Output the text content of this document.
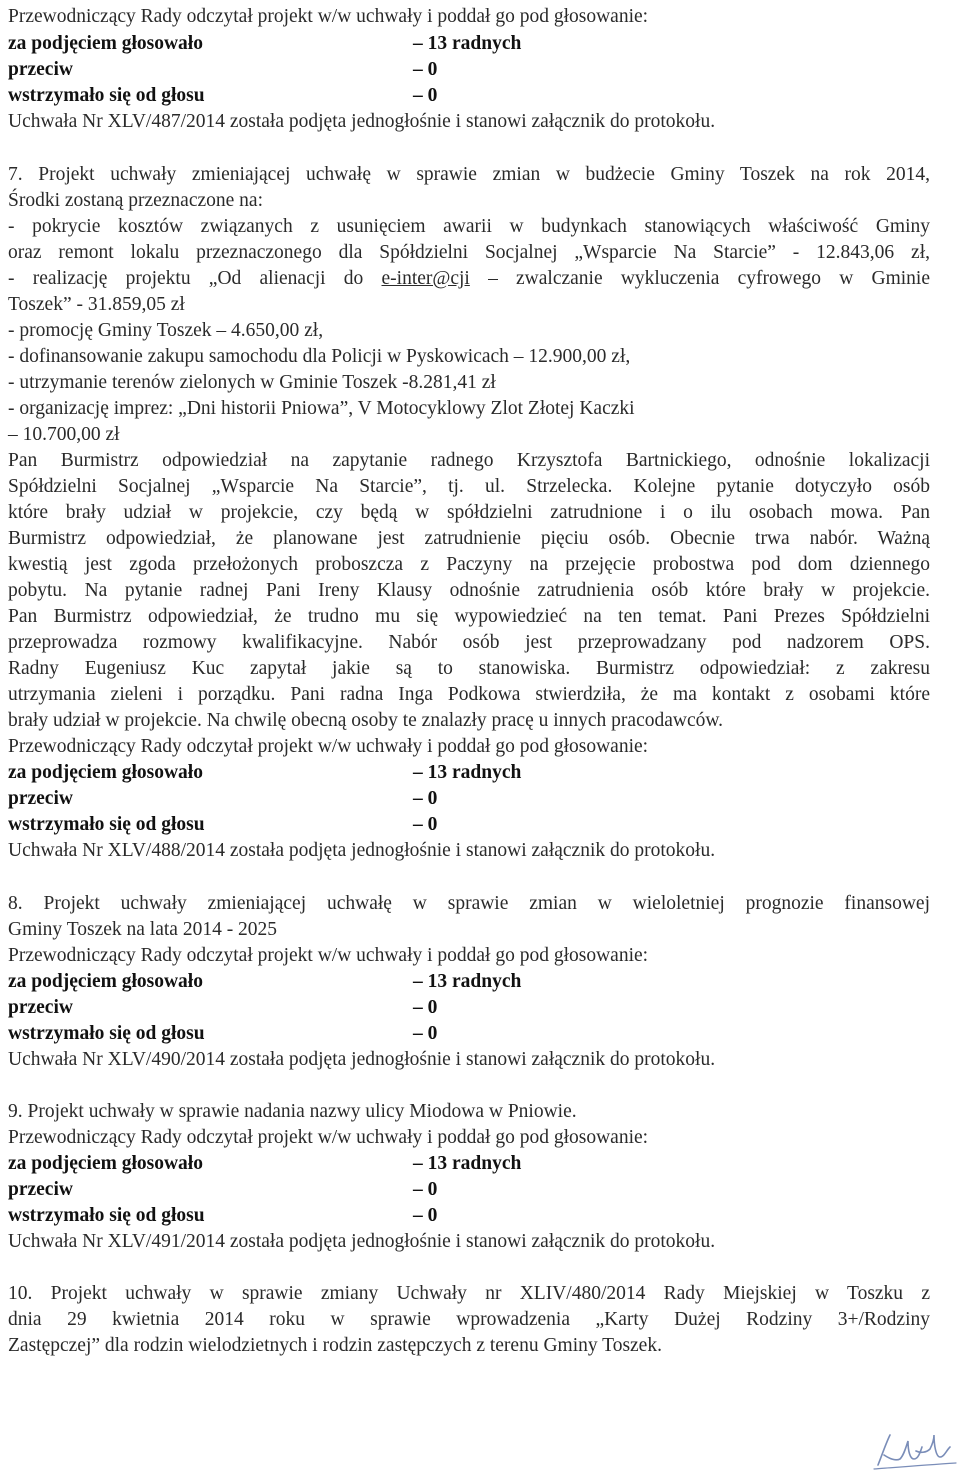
Przewodniczący Rady odczytał projekt w/w uchwały i poddał go pod głosowanie:
za podjęciem głosowało	– 13 radnych
przeciw	– 0
wstrzymało się od głosu	– 0
Uchwała Nr XLV/487/2014 została podjęta jednogłośnie i stanowi załącznik do protokołu.
7. Projekt uchwały zmieniającej uchwałę w sprawie zmian w budżecie Gminy Toszek na rok 2014,
Środki zostaną przeznaczone na:
- pokrycie kosztów związanych z usunięciem awarii w budynkach stanowiących właściwość Gminy
oraz remont lokalu przeznaczonego dla Spółdzielni Socjalnej „Wsparcie Na Starcie” - 12.843,06 zł,
- realizację projektu „Od alienacji do e-inter@cji – zwalczanie wykluczenia cyfrowego w Gminie
Toszek” - 31.859,05 zł
- promocję Gminy Toszek – 4.650,00 zł,
- dofinansowanie zakupu samochodu dla Policji w Pyskowicach – 12.900,00 zł,
- utrzymanie terenów zielonych w Gminie Toszek -8.281,41 zł
- organizację imprez: „Dni historii Pniowa”, V Motocyklowy Zlot Złotej Kaczki
– 10.700,00 zł
Pan Burmistrz odpowiedział na zapytanie radnego Krzysztofa Bartnickiego, odnośnie lokalizacji
Spółdzielni Socjalnej „Wsparcie Na Starcie”, tj. ul. Strzelecka. Kolejne pytanie dotyczyło osób
które brały udział w projekcie, czy będą w spółdzielni zatrudnione i o ilu osobach mowa. Pan
Burmistrz odpowiedział, że planowane jest zatrudnienie pięciu osób. Obecnie trwa nabór. Ważną
kwestią jest zgoda przełożonych proboszcza z Paczyny na przejęcie probostwa pod dom dziennego
pobytu. Na pytanie radnej Pani Ireny Klausy odnośnie zatrudnienia osób które brały w projekcie.
Pan Burmistrz odpowiedział, że trudno mu się wypowiedzieć na ten temat. Pani Prezes Spółdzielni
przeprowadza rozmowy kwalifikacyjne. Nabór osób jest przeprowadzany pod nadzorem OPS.
Radny Eugeniusz Kuc zapytał jakie są to stanowiska. Burmistrz odpowiedział: z zakresu
utrzymania zieleni i porządku. Pani radna Inga Podkowa stwierdziła, że ma kontakt z osobami które
brały udział w projekcie. Na chwilę obecną osoby te znalazły pracę u innych pracodawców.
Przewodniczący Rady odczytał projekt w/w uchwały i poddał go pod głosowanie:
za podjęciem głosowało	– 13 radnych
przeciw	– 0
wstrzymało się od głosu	– 0
Uchwała Nr XLV/488/2014 została podjęta jednogłośnie i stanowi załącznik do protokołu.
8. Projekt uchwały zmieniającej uchwałę w sprawie zmian w wieloletniej prognozie finansowej
Gminy Toszek na lata 2014 - 2025
Przewodniczący Rady odczytał projekt w/w uchwały i poddał go pod głosowanie:
za podjęciem głosowało	– 13 radnych
przeciw	– 0
wstrzymało się od głosu	– 0
Uchwała Nr XLV/490/2014 została podjęta jednogłośnie i stanowi załącznik do protokołu.
9. Projekt uchwały w sprawie nadania nazwy ulicy Miodowa w Pniowie.
Przewodniczący Rady odczytał projekt w/w uchwały i poddał go pod głosowanie:
za podjęciem głosowało	– 13 radnych
przeciw	– 0
wstrzymało się od głosu	– 0
Uchwała Nr XLV/491/2014 została podjęta jednogłośnie i stanowi załącznik do protokołu.
10. Projekt uchwały w sprawie zmiany Uchwały nr XLIV/480/2014 Rady Miejskiej w Toszku z
dnia 29 kwietnia 2014 roku w sprawie wprowadzenia „Karty Dużej Rodziny 3+/Rodziny
Zastępczej” dla rodzin wielodzietnych i rodzin zastępczych z terenu Gminy Toszek.
